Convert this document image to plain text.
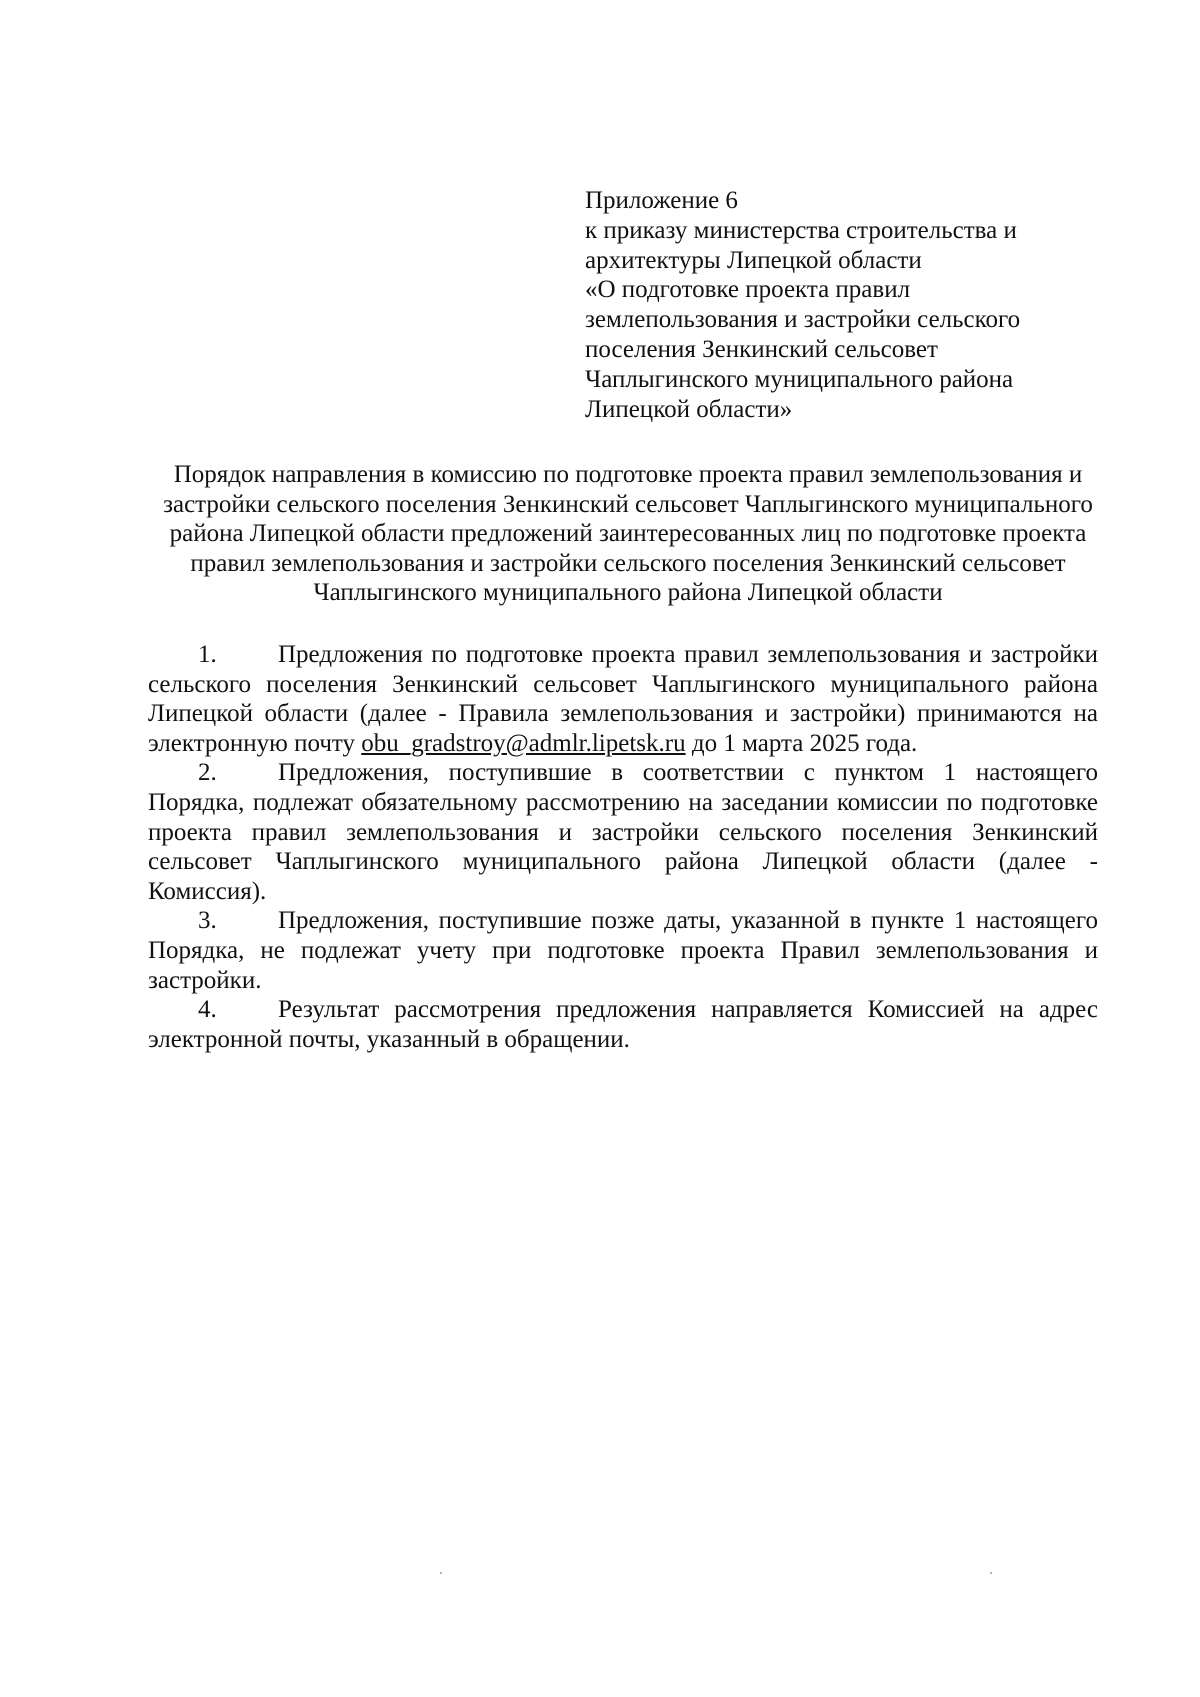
Приложение 6
к приказу министерства строительства и
архитектуры Липецкой области
«О подготовке проекта правил
землепользования и застройки сельского
поселения Зенкинский сельсовет
Чаплыгинского муниципального района
Липецкой области»
Порядок направления в комиссию по подготовке проекта правил землепользования и застройки сельского поселения Зенкинский сельсовет Чаплыгинского муниципального района Липецкой области предложений заинтересованных лиц по подготовке проекта правил землепользования и застройки сельского поселения Зенкинский сельсовет Чаплыгинского муниципального района Липецкой области

1. Предложения по подготовке проекта правил землепользования и застройки сельского поселения Зенкинский сельсовет Чаплыгинского муниципального района Липецкой области (далее - Правила землепользования и застройки) принимаются на электронную почту obu_gradstroy@admlr.lipetsk.ru до 1 марта 2025 года.

2. Предложения, поступившие в соответствии с пунктом 1 настоящего Порядка, подлежат обязательному рассмотрению на заседании комиссии по подготовке проекта правил землепользования и застройки сельского поселения Зенкинский сельсовет Чаплыгинского муниципального района Липецкой области (далее - Комиссия).

3. Предложения, поступившие позже даты, указанной в пункте 1 настоящего Порядка, не подлежат учету при подготовке проекта Правил землепользования и застройки.

4. Результат рассмотрения предложения направляется Комиссией на адрес электронной почты, указанный в обращении.
